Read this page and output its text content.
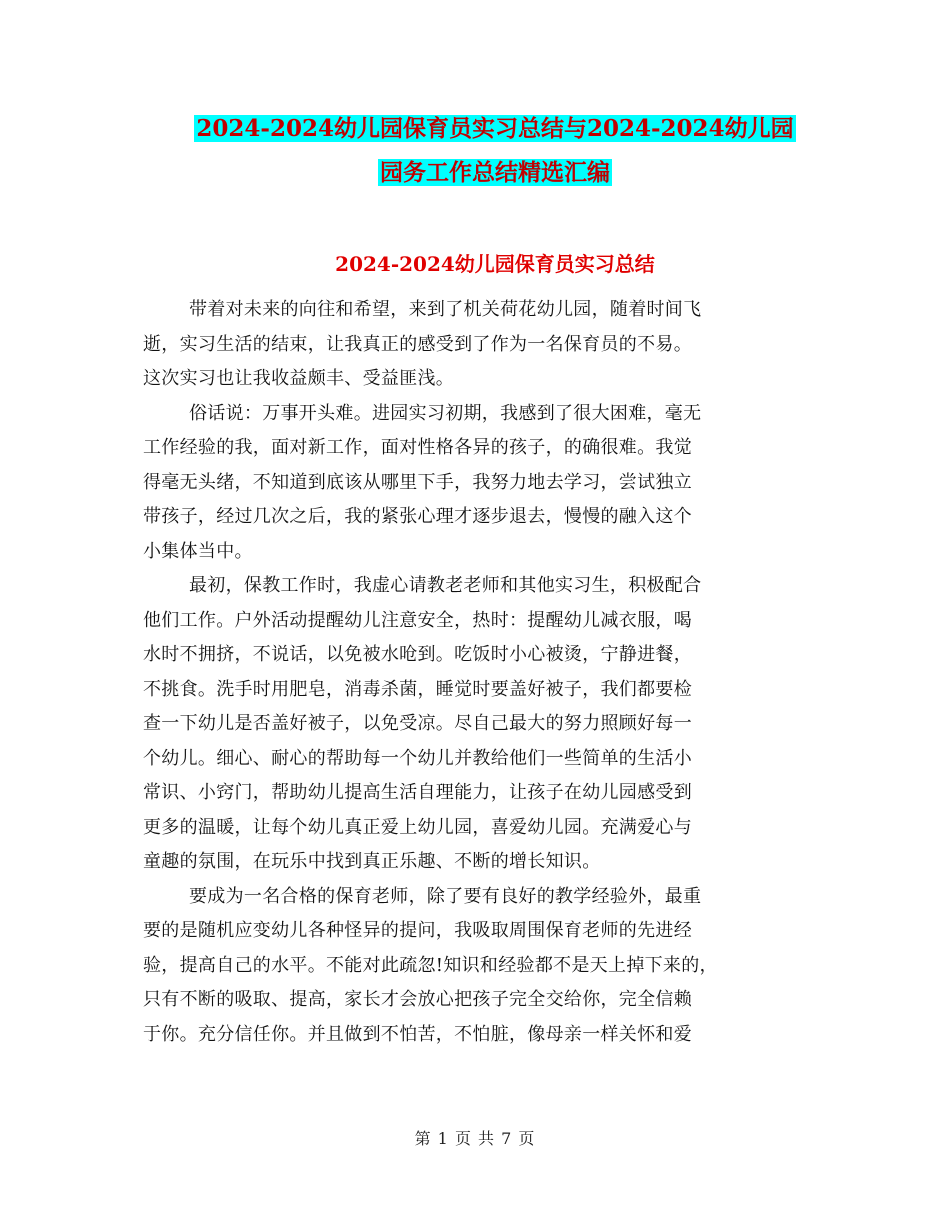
2024-2024幼儿园保育员实习总结与2024-2024幼儿园
园务工作总结精选汇编
2024-2024幼儿园保育员实习总结
带着对未来的向往和希望，来到了机关荷花幼儿园，随着时间飞
逝，实习生活的结束，让我真正的感受到了作为一名保育员的不易。
这次实习也让我收益颇丰、受益匪浅。
俗话说：万事开头难。进园实习初期，我感到了很大困难，毫无
工作经验的我，面对新工作，面对性格各异的孩子，的确很难。我觉
得毫无头绪，不知道到底该从哪里下手，我努力地去学习，尝试独立
带孩子，经过几次之后，我的紧张心理才逐步退去，慢慢的融入这个
小集体当中。
最初，保教工作时，我虚心请教老老师和其他实习生，积极配合
他们工作。户外活动提醒幼儿注意安全，热时：提醒幼儿减衣服，喝
水时不拥挤，不说话，以免被水呛到。吃饭时小心被烫，宁静进餐，
不挑食。洗手时用肥皂，消毒杀菌，睡觉时要盖好被子，我们都要检
查一下幼儿是否盖好被子，以免受凉。尽自己最大的努力照顾好每一
个幼儿。细心、耐心的帮助每一个幼儿并教给他们一些简单的生活小
常识、小窍门，帮助幼儿提高生活自理能力，让孩子在幼儿园感受到
更多的温暖，让每个幼儿真正爱上幼儿园，喜爱幼儿园。充满爱心与
童趣的氛围，在玩乐中找到真正乐趣、不断的增长知识。
要成为一名合格的保育老师，除了要有良好的教学经验外，最重
要的是随机应变幼儿各种怪异的提问，我吸取周围保育老师的先进经
验，提高自己的水平。不能对此疏忽!知识和经验都不是天上掉下来的，
只有不断的吸取、提高，家长才会放心把孩子完全交给你，完全信赖
于你。充分信任你。并且做到不怕苦，不怕脏，像母亲一样关怀和爱
第 1 页 共 7 页
